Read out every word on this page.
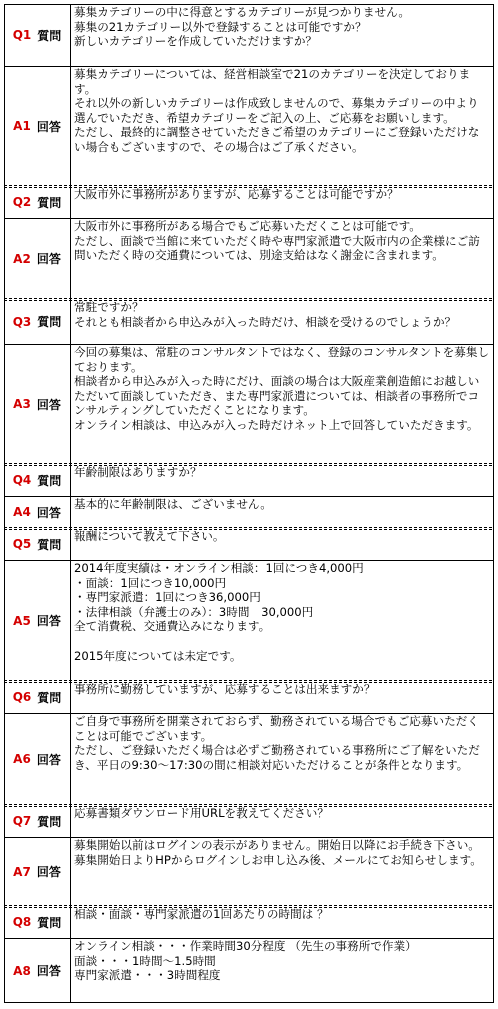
Q1 質問
募集カテゴリーの中に得意とするカテゴリーが見つかりません。
募集の21カテゴリー以外で登録することは可能ですか？
新しいカテゴリーを作成していただけますか？
A1 回答
募集カテゴリーについては、経営相談室で21のカテゴリーを決定しております。
それ以外の新しいカテゴリーは作成致しませんので、募集カテゴリーの中より選んでいただき、希望カテゴリーをご記入の上、ご応募をお願いします。
ただし、最終的に調整させていただきご希望のカテゴリーにご登録いただけない場合もございますので、その場合はご了承ください。
Q2 質問
大阪市外に事務所がありますが、応募することは可能ですか？
A2 回答
大阪市外に事務所がある場合でもご応募いただくことは可能です。
ただし、面談で当館に来ていただく時や専門家派遣で大阪市内の企業様にご訪問いただく時の交通費については、別途支給はなく謝金に含まれます。
Q3 質問
常駐ですか？
それとも相談者から申込みが入った時だけ、相談を受けるのでしょうか？
A3 回答
今回の募集は、常駐のコンサルタントではなく、登録のコンサルタントを募集しております。
相談者から申込みが入った時にだけ、面談の場合は大阪産業創造館にお越しいただいて面談していただき、また専門家派遣については、相談者の事務所でコンサルティングしていただくことになります。
オンライン相談は、申込みが入った時だけネット上で回答していただきます。
Q4 質問
年齢制限はありますか？
A4 回答
基本的に年齢制限は、ございません。
Q5 質問
報酬について教えて下さい。
A5 回答
2014年度実績は・オンライン相談：1回につき4,000円
・面談：1回につき10,000円
・専門家派遣：1回につき36,000円
・法律相談（弁護士のみ）：3時間　30,000円
全て消費税、交通費込みになります。

2015年度については未定です。
Q6 質問
事務所に勤務していますが、応募することは出来ますか？
A6 回答
ご自身で事務所を開業されておらず、勤務されている場合でもご応募いただくことは可能でございます。
ただし、ご登録いただく場合は必ずご勤務されている事務所にご了解をいただき、平日の9:30～17:30の間に相談対応いただけることが条件となります。
Q7 質問
応募書類ダウンロード用URLを教えてください？
A7 回答
募集開始以前はログインの表示がありません。開始日以降にお手続き下さい。
募集開始日よりHPからログインしお申し込み後、メールにてお知らせします。
Q8 質問
相談・面談・専門家派遣の1回あたりの時間は ？
A8 回答
オンライン相談・・・作業時間30分程度 （先生の事務所で作業）
面談・・・1時間～1.5時間
専門家派遣・・・3時間程度
